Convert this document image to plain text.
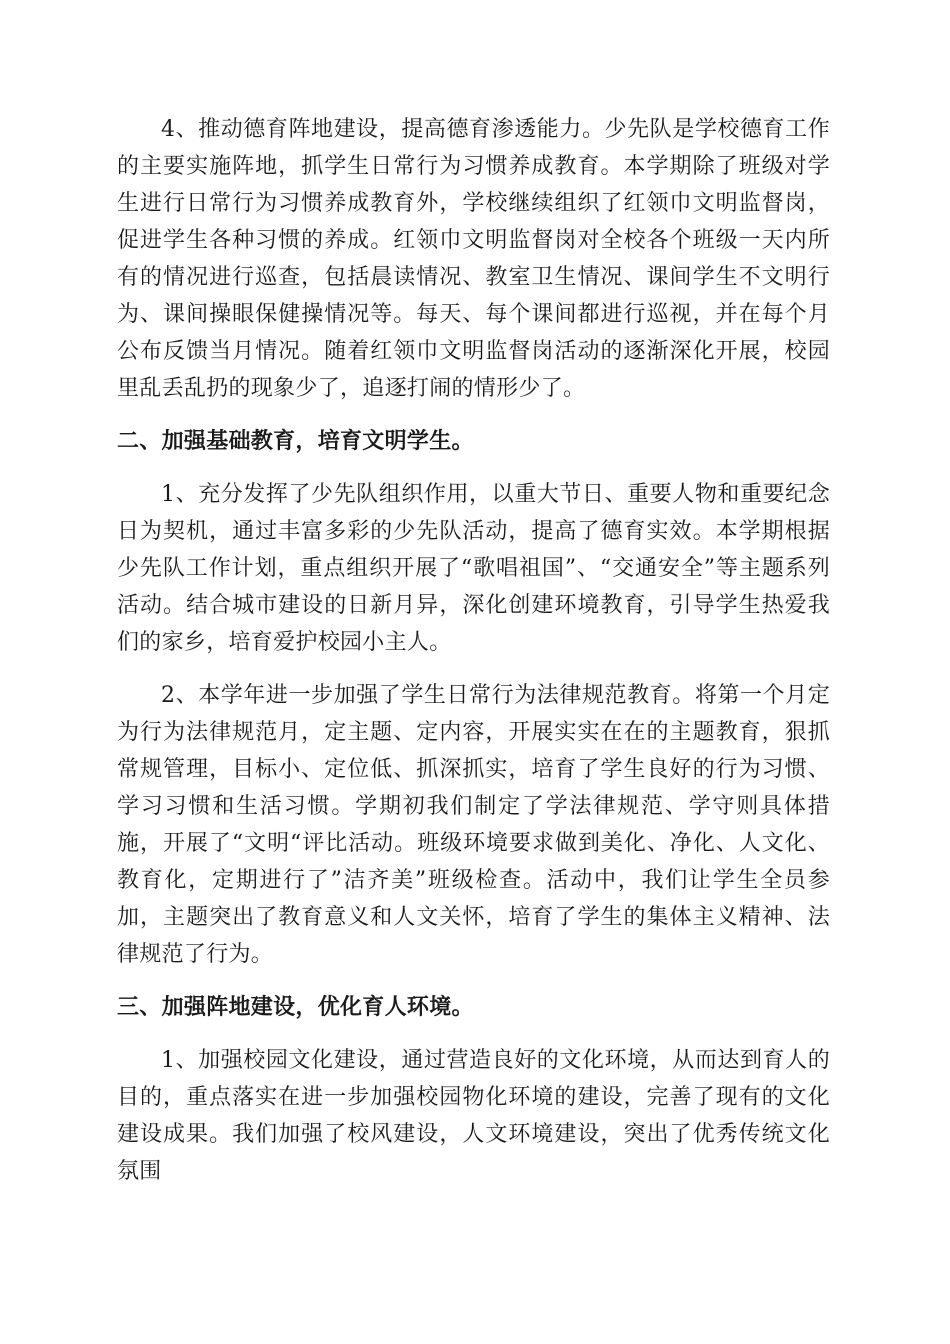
4、推动德育阵地建设，提高德育渗透能力。少先队是学校德育工作的主要实施阵地，抓学生日常行为习惯养成教育。本学期除了班级对学生进行日常行为习惯养成教育外，学校继续组织了红领巾文明监督岗，促进学生各种习惯的养成。红领巾文明监督岗对全校各个班级一天内所有的情况进行巡查，包括晨读情况、教室卫生情况、课间学生不文明行为、课间操眼保健操情况等。每天、每个课间都进行巡视，并在每个月公布反馈当月情况。随着红领巾文明监督岗活动的逐渐深化开展，校园里乱丢乱扔的现象少了，追逐打闹的情形少了。

二、加强基础教育，培育文明学生。

1、充分发挥了少先队组织作用，以重大节日、重要人物和重要纪念日为契机，通过丰富多彩的少先队活动，提高了德育实效。本学期根据少先队工作计划，重点组织开展了“歌唱祖国”、“交通安全”等主题系列活动。结合城市建设的日新月异，深化创建环境教育，引导学生热爱我们的家乡，培育爱护校园小主人。

2、本学年进一步加强了学生日常行为法律规范教育。将第一个月定为行为法律规范月，定主题、定内容，开展实实在在的主题教育，狠抓常规管理，目标小、定位低、抓深抓实，培育了学生良好的行为习惯、学习习惯和生活习惯。学期初我们制定了学法律规范、学守则具体措施，开展了“文明“评比活动。班级环境要求做到美化、净化、人文化、教育化，定期进行了”洁齐美”班级检查。活动中，我们让学生全员参加，主题突出了教育意义和人文关怀，培育了学生的集体主义精神、法律规范了行为。

三、加强阵地建设，优化育人环境。

1、加强校园文化建设，通过营造良好的文化环境，从而达到育人的目的，重点落实在进一步加强校园物化环境的建设，完善了现有的文化建设成果。我们加强了校风建设，人文环境建设，突出了优秀传统文化氛围
